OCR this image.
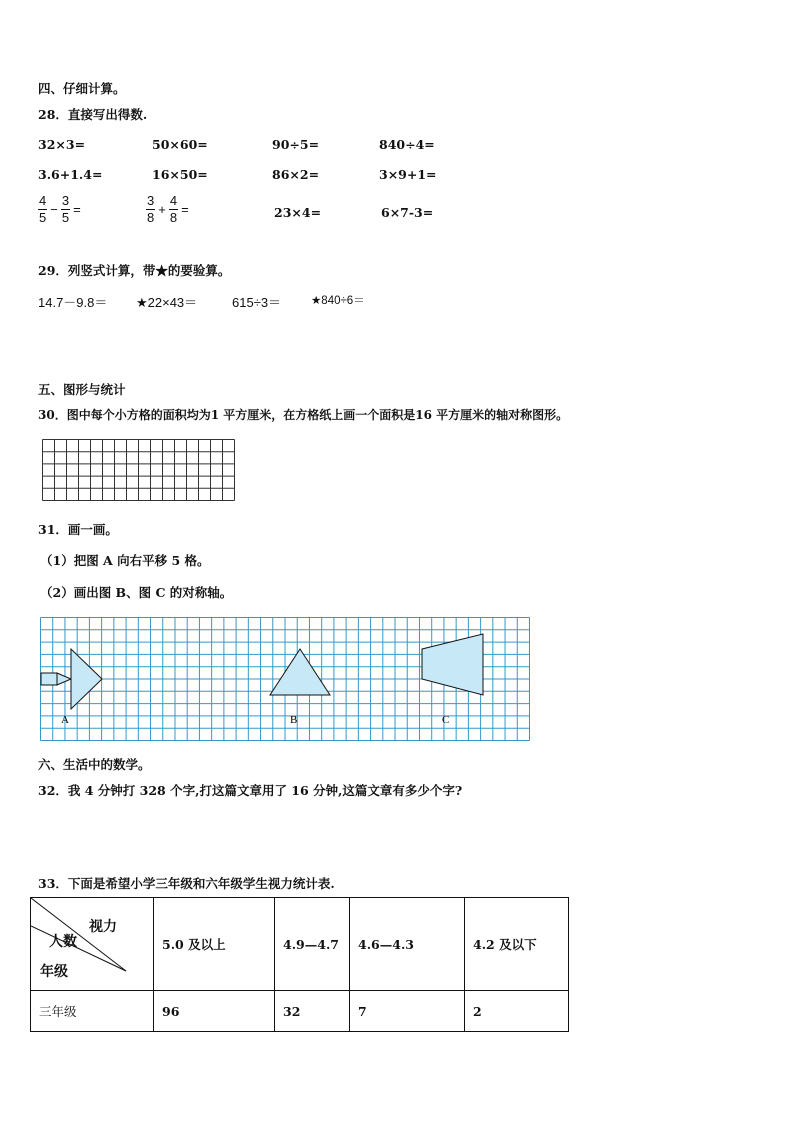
四、仔细计算。
28．直接写出得数.
32×3=	50×60=	90÷5=	840÷4=
3.6+1.4=	16×50=	86×2=	3×9+1=
$\frac{4}{5} - \frac{3}{5}$ =	$\frac{3}{8} + \frac{4}{8}$ =	23×4=	6×7-3=
29．列竖式计算，带★的要验算。
14.7－9.8＝ ★22×43＝	615÷3＝	★840÷6＝
五、图形与统计
30．图中每个小方格的面积均为1 平方厘米，在方格纸上画一个面积是16 平方厘米的轴对称图形。
31．画一画。
（1）把图 A 向右平移 5 格。
（2）画出图 B、图 C 的对称轴。
A	B	C
六、生活中的数学。
32．我 4 分钟打 328 个字,打这篇文章用了 16 分钟,这篇文章有多少个字?
33．下面是希望小学三年级和六年级学生视力统计表.
视力
人数
年级	5.0 及以上	4.9—4.7	4.6—4.3	4.2 及以下
三年级	96	32	7	2
